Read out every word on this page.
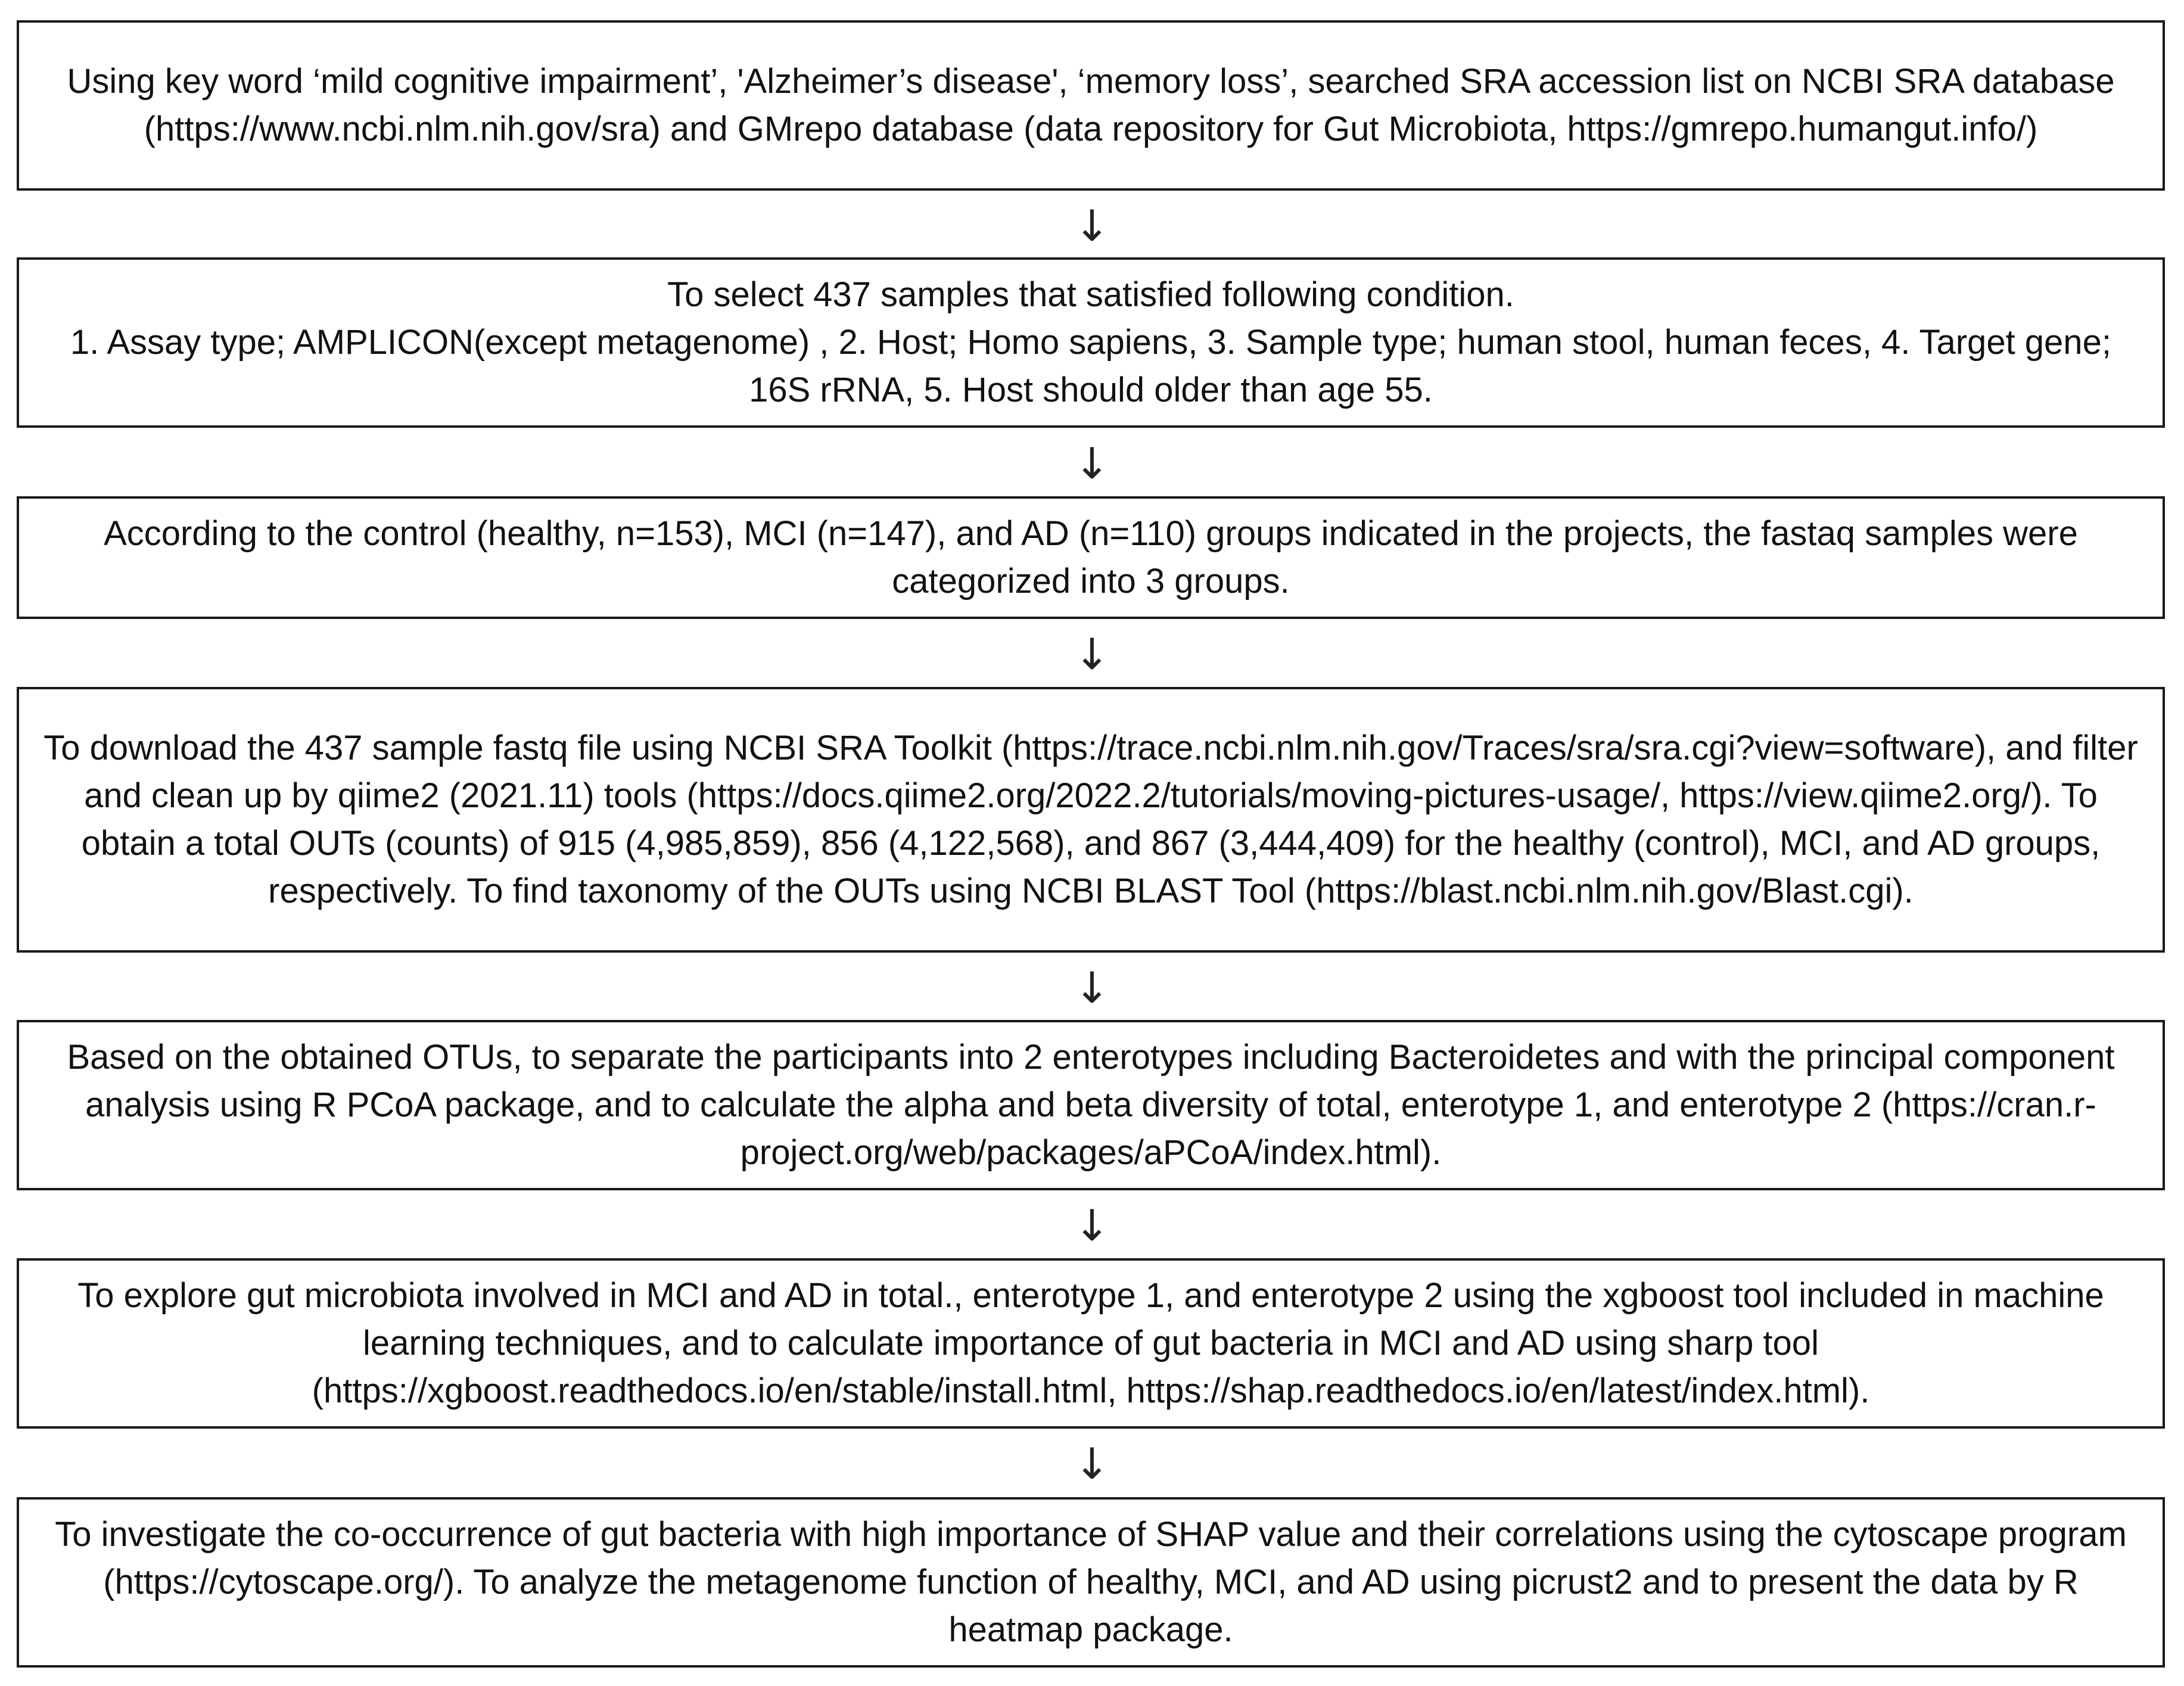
Using key word ‘mild cognitive impairment’, 'Alzheimer’s disease', ‘memory loss’, searched SRA accession list on NCBI SRA database (https://www.ncbi.nlm.nih.gov/sra) and GMrepo database (data repository for Gut Microbiota, https://gmrepo.humangut.info/)

↓

To select 437 samples that satisfied following condition.
1. Assay type; AMPLICON(except metagenome) , 2. Host; Homo sapiens, 3. Sample type; human stool, human feces, 4. Target gene; 16S rRNA, 5. Host should older than age 55.

↓

According to the control (healthy, n=153), MCI (n=147), and AD (n=110) groups indicated in the projects, the fastaq samples were categorized into 3 groups.

↓

To download the 437 sample fastq file using NCBI SRA Toolkit (https://trace.ncbi.nlm.nih.gov/Traces/sra/sra.cgi?view=software), and filter and clean up by qiime2 (2021.11) tools (https://docs.qiime2.org/2022.2/tutorials/moving-pictures-usage/, https://view.qiime2.org/). To obtain a total OUTs (counts) of 915 (4,985,859), 856 (4,122,568), and 867 (3,444,409) for the healthy (control), MCI, and AD groups, respectively. To find taxonomy of the OUTs using NCBI BLAST Tool (https://blast.ncbi.nlm.nih.gov/Blast.cgi).

↓

Based on the obtained OTUs, to separate the participants into 2 enterotypes including Bacteroidetes and with the principal component analysis using R PCoA package, and to calculate the alpha and beta diversity of total, enterotype 1, and enterotype 2 (https://cran.r-project.org/web/packages/aPCoA/index.html).

↓

To explore gut microbiota involved in MCI and AD in total., enterotype 1, and enterotype 2 using the xgboost tool included in machine learning techniques, and to calculate importance of gut bacteria in MCI and AD using sharp tool (https://xgboost.readthedocs.io/en/stable/install.html, https://shap.readthedocs.io/en/latest/index.html).

↓

To investigate the co-occurrence of gut bacteria with high importance of SHAP value and their correlations using the cytoscape program (https://cytoscape.org/). To analyze the metagenome function of healthy, MCI, and AD using picrust2 and to present the data by R heatmap package.
